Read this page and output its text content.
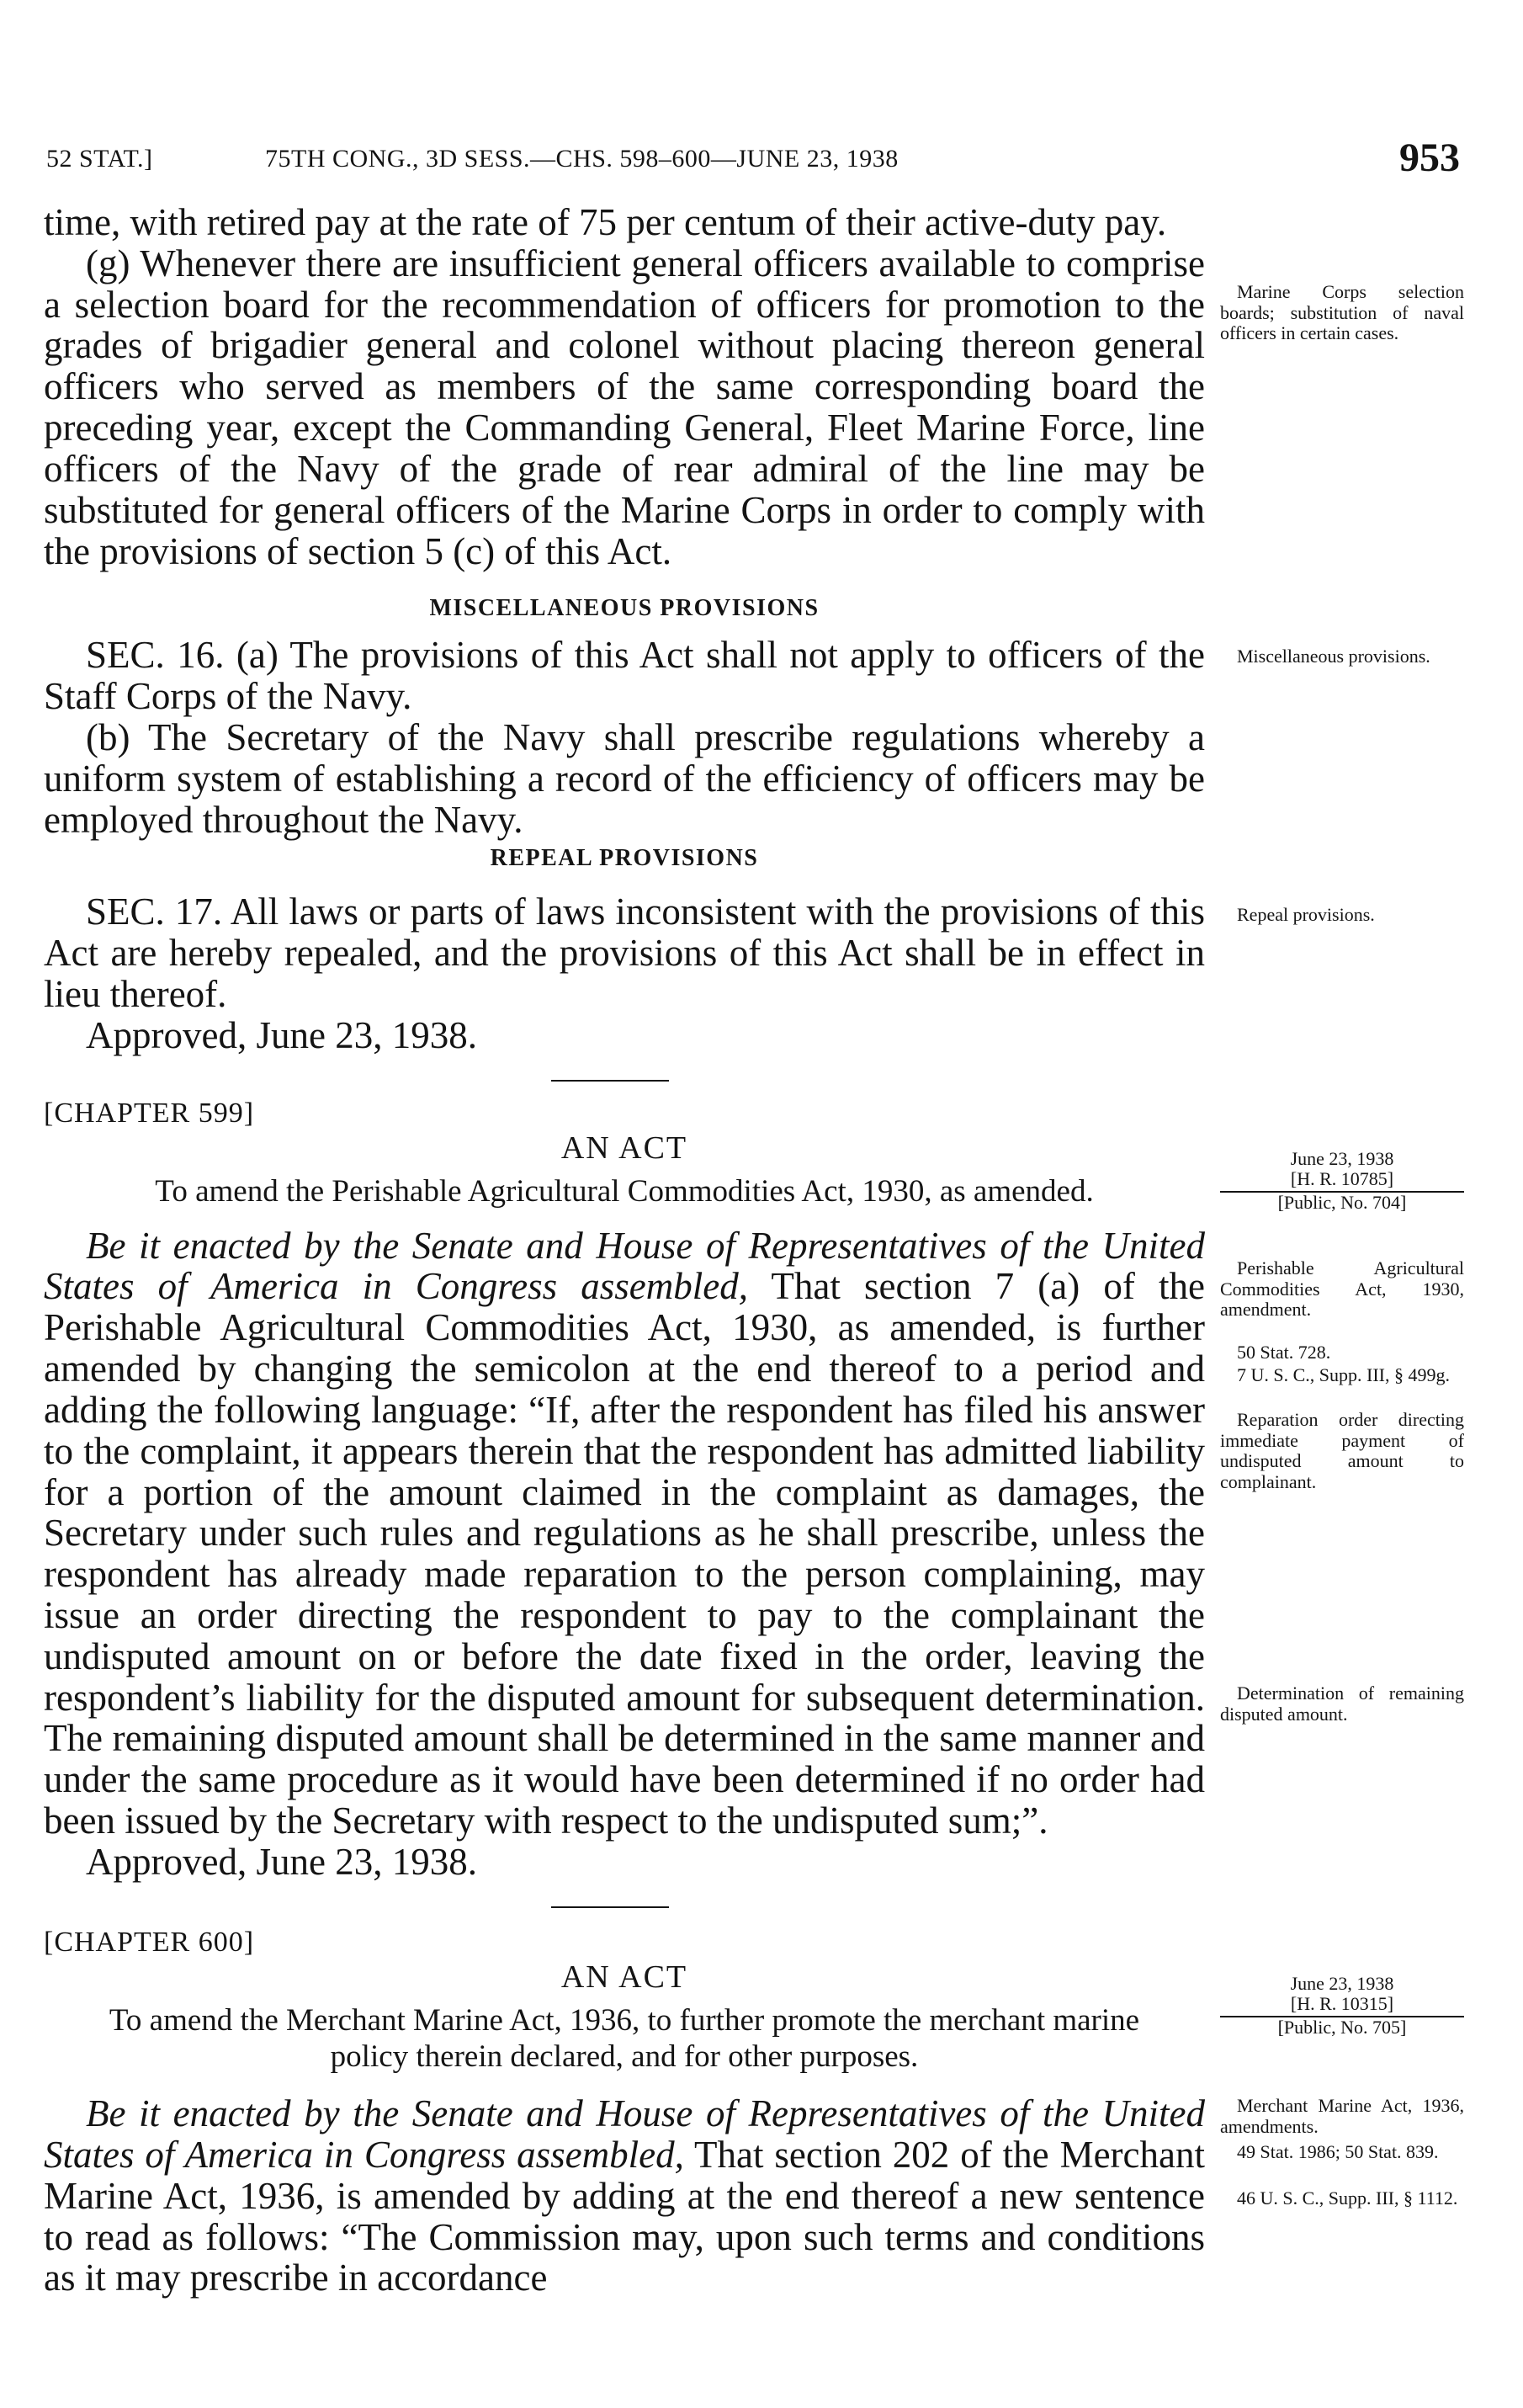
52 STAT.]	75TH CONG., 3D SESS.—CHS. 598–600—JUNE 23, 1938	953

time, with retired pay at the rate of 75 per centum of their active-duty pay.

(g) Whenever there are insufficient general officers available to comprise a selection board for the recommendation of officers for promotion to the grades of brigadier general and colonel without placing thereon general officers who served as members of the same corresponding board the preceding year, except the Commanding General, Fleet Marine Force, line officers of the Navy of the grade of rear admiral of the line may be substituted for general officers of the Marine Corps in order to comply with the provisions of section 5 (c) of this Act.

MISCELLANEOUS PROVISIONS

SEC. 16. (a) The provisions of this Act shall not apply to officers of the Staff Corps of the Navy.

(b) The Secretary of the Navy shall prescribe regulations whereby a uniform system of establishing a record of the efficiency of officers may be employed throughout the Navy.

REPEAL PROVISIONS

SEC. 17. All laws or parts of laws inconsistent with the provisions of this Act are hereby repealed, and the provisions of this Act shall be in effect in lieu thereof.

Approved, June 23, 1938.

[CHAPTER 599]
AN ACT
To amend the Perishable Agricultural Commodities Act, 1930, as amended.

Be it enacted by the Senate and House of Representatives of the United States of America in Congress assembled, That section 7 (a) of the Perishable Agricultural Commodities Act, 1930, as amended, is further amended by changing the semicolon at the end thereof to a period and adding the following language: “If, after the respondent has filed his answer to the complaint, it appears therein that the respondent has admitted liability for a portion of the amount claimed in the complaint as damages, the Secretary under such rules and regulations as he shall prescribe, unless the respondent has already made reparation to the person complaining, may issue an order directing the respondent to pay to the complainant the undisputed amount on or before the date fixed in the order, leaving the respondent’s liability for the disputed amount for subsequent determination. The remaining disputed amount shall be determined in the same manner and under the same procedure as it would have been determined if no order had been issued by the Secretary with respect to the undisputed sum;”.

Approved, June 23, 1938.

[CHAPTER 600]
AN ACT
To amend the Merchant Marine Act, 1936, to further promote the merchant marine policy therein declared, and for other purposes.

Be it enacted by the Senate and House of Representatives of the United States of America in Congress assembled, That section 202 of the Merchant Marine Act, 1936, is amended by adding at the end thereof a new sentence to read as follows: “The Commission may, upon such terms and conditions as it may prescribe in accordance

Marine Corps selection boards; substitution of naval officers in certain cases.
Miscellaneous provisions.
Repeal provisions.
June 23, 1938
[H. R. 10785]
[Public, No. 704]
Perishable Agricultural Commodities Act, 1930, amendment.
50 Stat. 728.
7 U. S. C., Supp. III, § 499g.
Reparation order directing immediate payment of undisputed amount to complainant.
Determination of remaining disputed amount.
June 23, 1938
[H. R. 10315]
[Public, No. 705]
Merchant Marine Act, 1936, amendments.
49 Stat. 1986; 50 Stat. 839.
46 U. S. C., Supp. III, § 1112.
